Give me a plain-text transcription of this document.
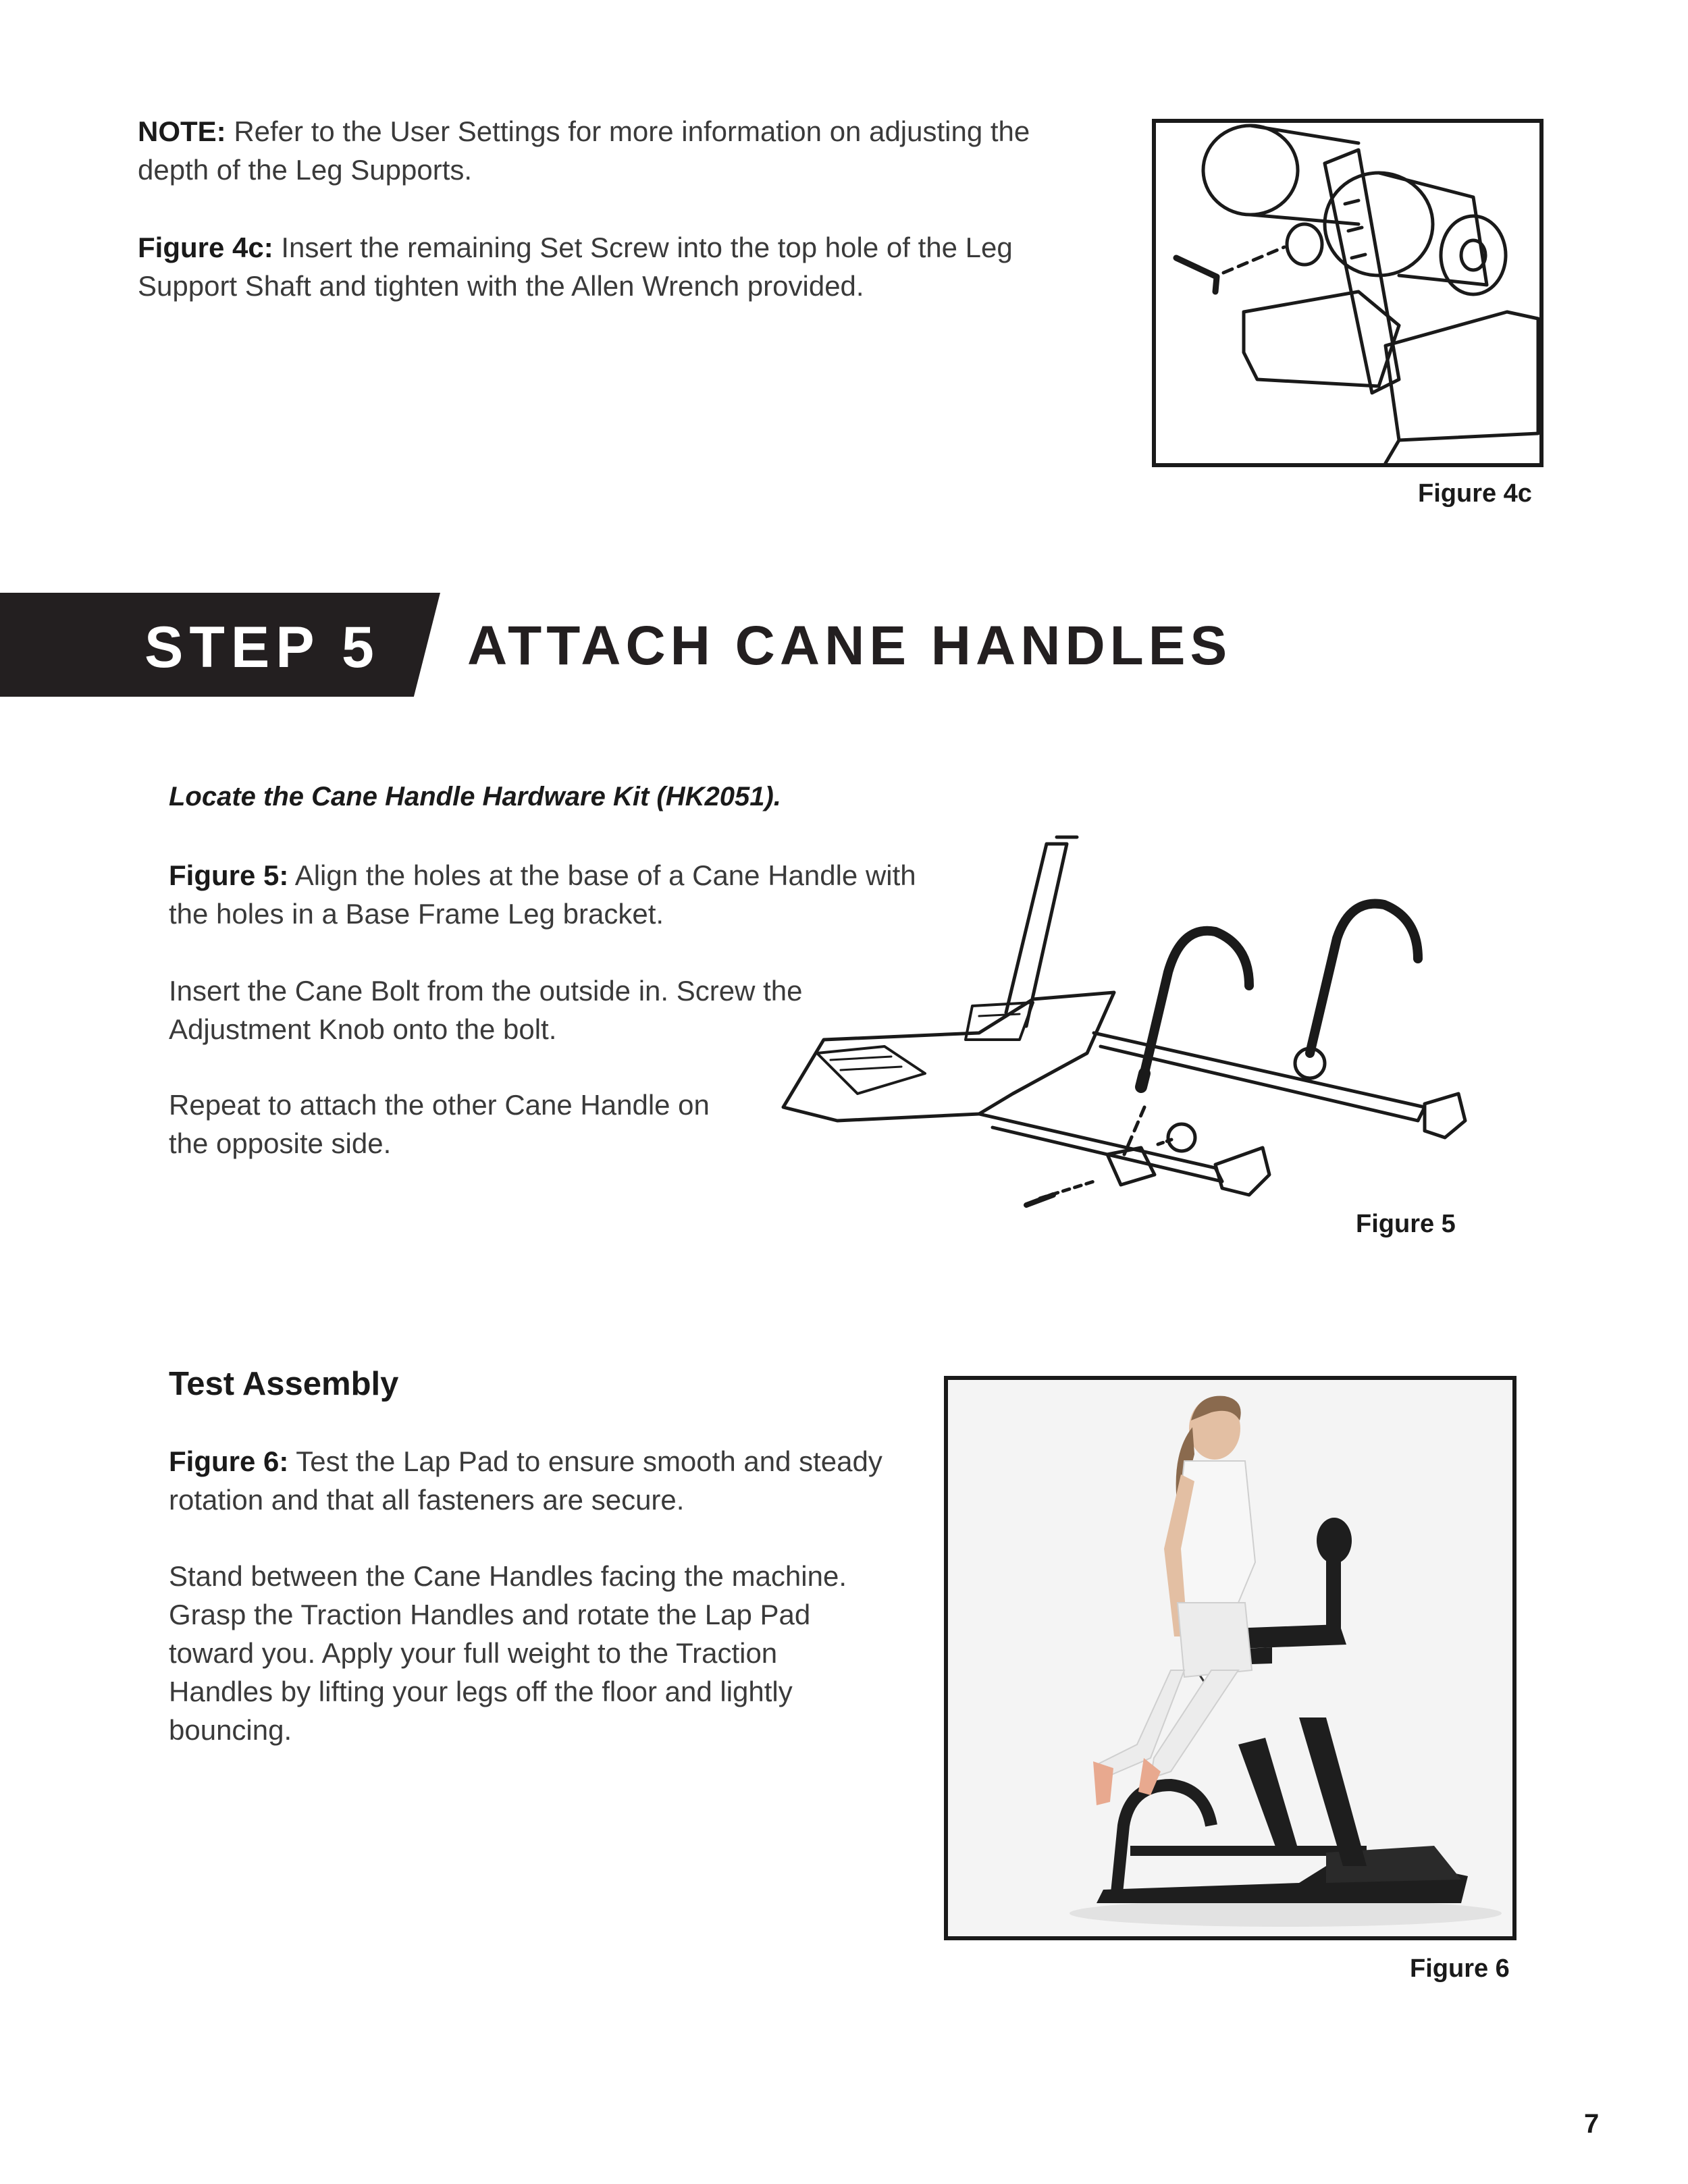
NOTE: Refer to the User Settings for more information on adjusting the depth of the Leg Supports.

Figure 4c: Insert the remaining Set Screw into the top hole of the Leg Support Shaft and tighten with the Allen Wrench provided.

Figure 4c
STEP 5 ATTACH CANE HANDLES
Locate the Cane Handle Hardware Kit (HK2051).

Figure 5: Align the holes at the base of a Cane Handle with the holes in a Base Frame Leg bracket.

Insert the Cane Bolt from the outside in. Screw the Adjustment Knob onto the bolt.

Repeat to attach the other Cane Handle on the opposite side.

Figure 5
Test Assembly

Figure 6: Test the Lap Pad to ensure smooth and steady rotation and that all fasteners are secure.

Stand between the Cane Handles facing the machine. Grasp the Traction Handles and rotate the Lap Pad toward you. Apply your full weight to the Traction Handles by lifting your legs off the floor and lightly bouncing.

Figure 6
7
